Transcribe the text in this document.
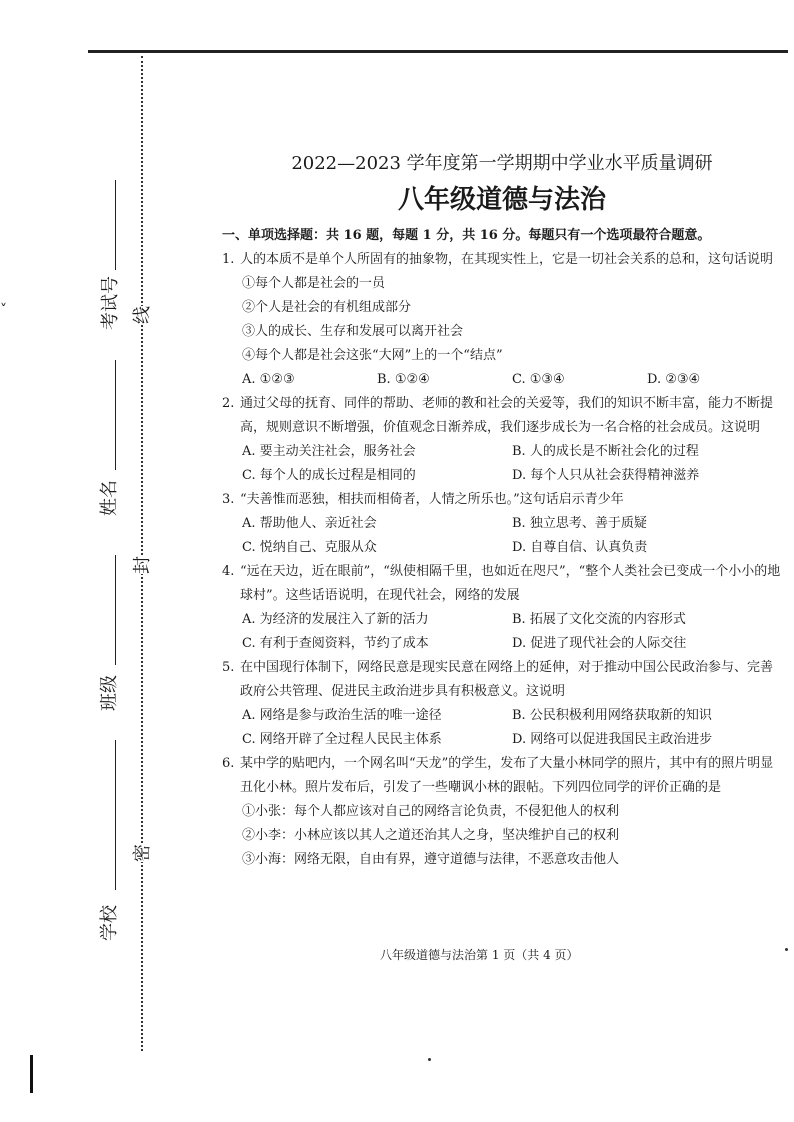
˅	考试号
姓名
班级
学校
线
封
密
2022—2023 学年度第一学期期中学业水平质量调研
八年级道德与法治
一、单项选择题：共 16 题，每题 1 分，共 16 分。每题只有一个选项最符合题意。
1. 人的本质不是单个人所固有的抽象物，在其现实性上，它是一切社会关系的总和，这句话说明
①每个人都是社会的一员
②个人是社会的有机组成部分
③人的成长、生存和发展可以离开社会
④每个人都是社会这张“大网”上的一个“结点”
A. ①②③	B. ①②④	C. ①③④	D. ②③④
2. 通过父母的抚育、同伴的帮助、老师的教和社会的关爱等，我们的知识不断丰富，能力不断提高，规则意识不断增强，价值观念日渐养成，我们逐步成长为一名合格的社会成员。这说明
A. 要主动关注社会，服务社会	B. 人的成长是不断社会化的过程
C. 每个人的成长过程是相同的	D. 每个人只从社会获得精神滋养
3. “夫善惟而恶独，相扶而相倚者，人情之所乐也。”这句话启示青少年
A. 帮助他人、亲近社会	B. 独立思考、善于质疑
C. 悦纳自己、克服从众	D. 自尊自信、认真负责
4. “远在天边，近在眼前”，“纵使相隔千里，也如近在咫尺”，“整个人类社会已变成一个小小的地球村”。这些话语说明，在现代社会，网络的发展
A. 为经济的发展注入了新的活力	B. 拓展了文化交流的内容形式
C. 有利于查阅资料，节约了成本	D. 促进了现代社会的人际交往
5. 在中国现行体制下，网络民意是现实民意在网络上的延伸，对于推动中国公民政治参与、完善政府公共管理、促进民主政治进步具有积极意义。这说明
A. 网络是参与政治生活的唯一途径	B. 公民积极利用网络获取新的知识
C. 网络开辟了全过程人民民主体系	D. 网络可以促进我国民主政治进步
6. 某中学的贴吧内，一个网名叫“天龙”的学生，发布了大量小林同学的照片，其中有的照片明显丑化小林。照片发布后，引发了一些嘲讽小林的跟帖。下列四位同学的评价正确的是
①小张：每个人都应该对自己的网络言论负责，不侵犯他人的权利
②小李：小林应该以其人之道还治其人之身，坚决维护自己的权利
③小海：网络无限，自由有界，遵守道德与法律，不恶意攻击他人
八年级道德与法治第 1 页（共 4 页）
